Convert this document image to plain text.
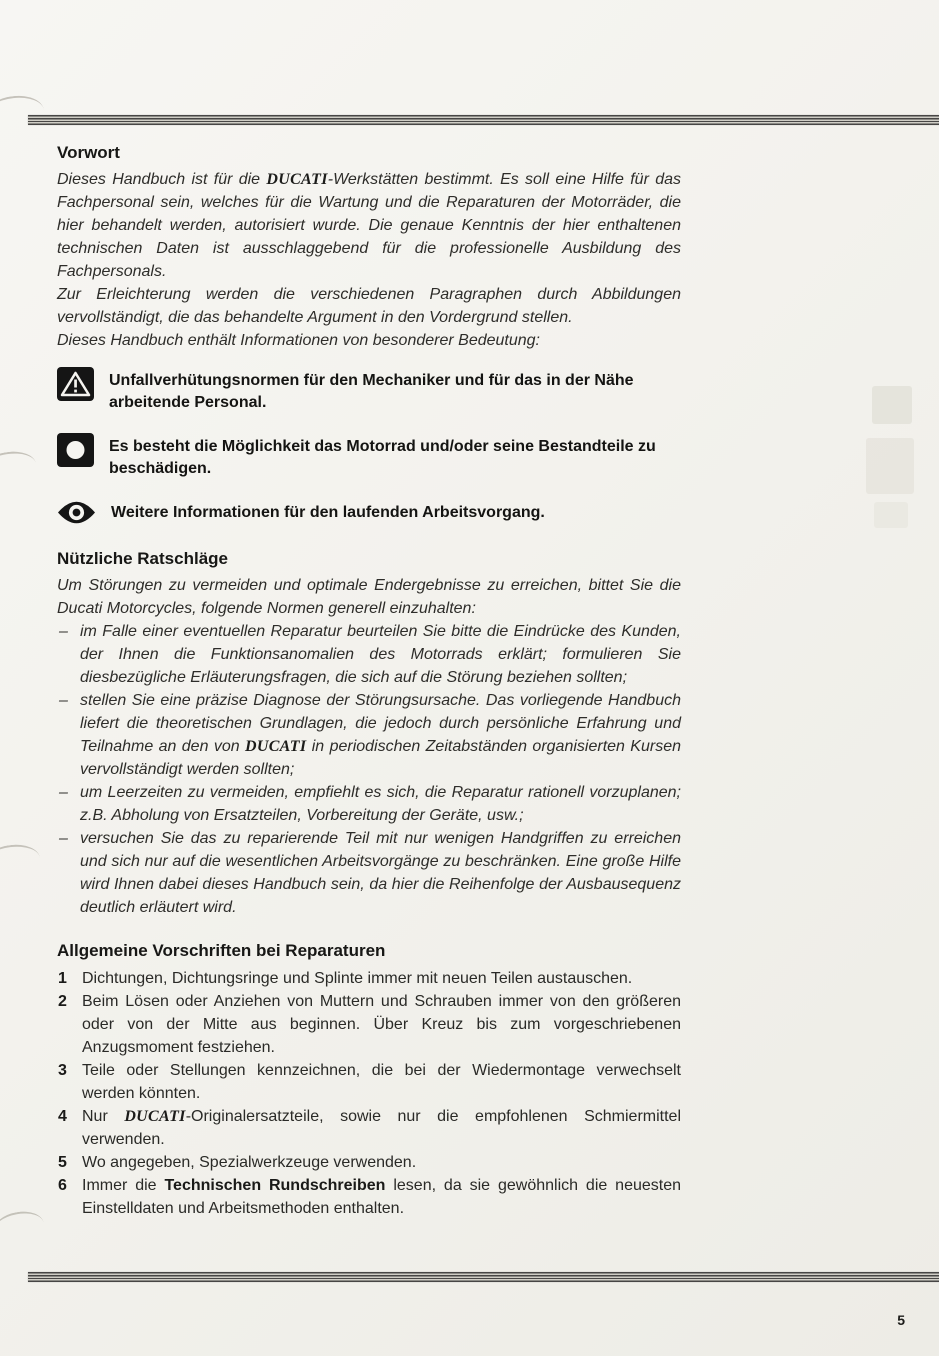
Vorwort

Dieses Handbuch ist für die DUCATI-Werkstätten bestimmt. Es soll eine Hilfe für das Fachpersonal sein, welches für die Wartung und die Reparaturen der Motorräder, die hier behandelt werden, autorisiert wurde. Die genaue Kenntnis der hier enthaltenen technischen Daten ist ausschlaggebend für die professionelle Ausbildung des Fachpersonals.

Zur Erleichterung werden die verschiedenen Paragraphen durch Abbildungen vervollständigt, die das behandelte Argument in den Vordergrund stellen.

Dieses Handbuch enthält Informationen von besonderer Bedeutung:

Unfallverhütungsnormen für den Mechaniker und für das in der Nähe arbeitende Personal.
Es besteht die Möglichkeit das Motorrad und/oder seine Bestandteile zu beschädigen.
Weitere Informationen für den laufenden Arbeitsvorgang.
Nützliche Ratschläge

Um Störungen zu vermeiden und optimale Endergebnisse zu erreichen, bittet Sie die Ducati Motorcycles, folgende Normen generell einzuhalten:

– im Falle einer eventuellen Reparatur beurteilen Sie bitte die Eindrücke des Kunden, der Ihnen die Funktionsanomalien des Motorrads erklärt; formulieren Sie diesbezügliche Erläuterungsfragen, die sich auf die Störung beziehen sollten;
– stellen Sie eine präzise Diagnose der Störungsursache. Das vorliegende Handbuch liefert die theoretischen Grundlagen, die jedoch durch persönliche Erfahrung und Teilnahme an den von DUCATI in periodischen Zeitabständen organisierten Kursen vervollständigt werden sollten;
– um Leerzeiten zu vermeiden, empfiehlt es sich, die Reparatur rationell vorzuplanen; z.B. Abholung von Ersatzteilen, Vorbereitung der Geräte, usw.;
– versuchen Sie das zu reparierende Teil mit nur wenigen Handgriffen zu erreichen und sich nur auf die wesentlichen Arbeitsvorgänge zu beschränken. Eine große Hilfe wird Ihnen dabei dieses Handbuch sein, da hier die Reihenfolge der Ausbausequenz deutlich erläutert wird.
Allgemeine Vorschriften bei Reparaturen
1 Dichtungen, Dichtungsringe und Splinte immer mit neuen Teilen austauschen.
2 Beim Lösen oder Anziehen von Muttern und Schrauben immer von den größeren oder von der Mitte aus beginnen. Über Kreuz bis zum vorgeschriebenen Anzugsmoment festziehen.
3 Teile oder Stellungen kennzeichnen, die bei der Wiedermontage verwechselt werden könnten.
4 Nur DUCATI-Originalersatzteile, sowie nur die empfohlenen Schmiermittel verwenden.
5 Wo angegeben, Spezialwerkzeuge verwenden.
6 Immer die Technischen Rundschreiben lesen, da sie gewöhnlich die neuesten Einstelldaten und Arbeitsmethoden enthalten.
5
